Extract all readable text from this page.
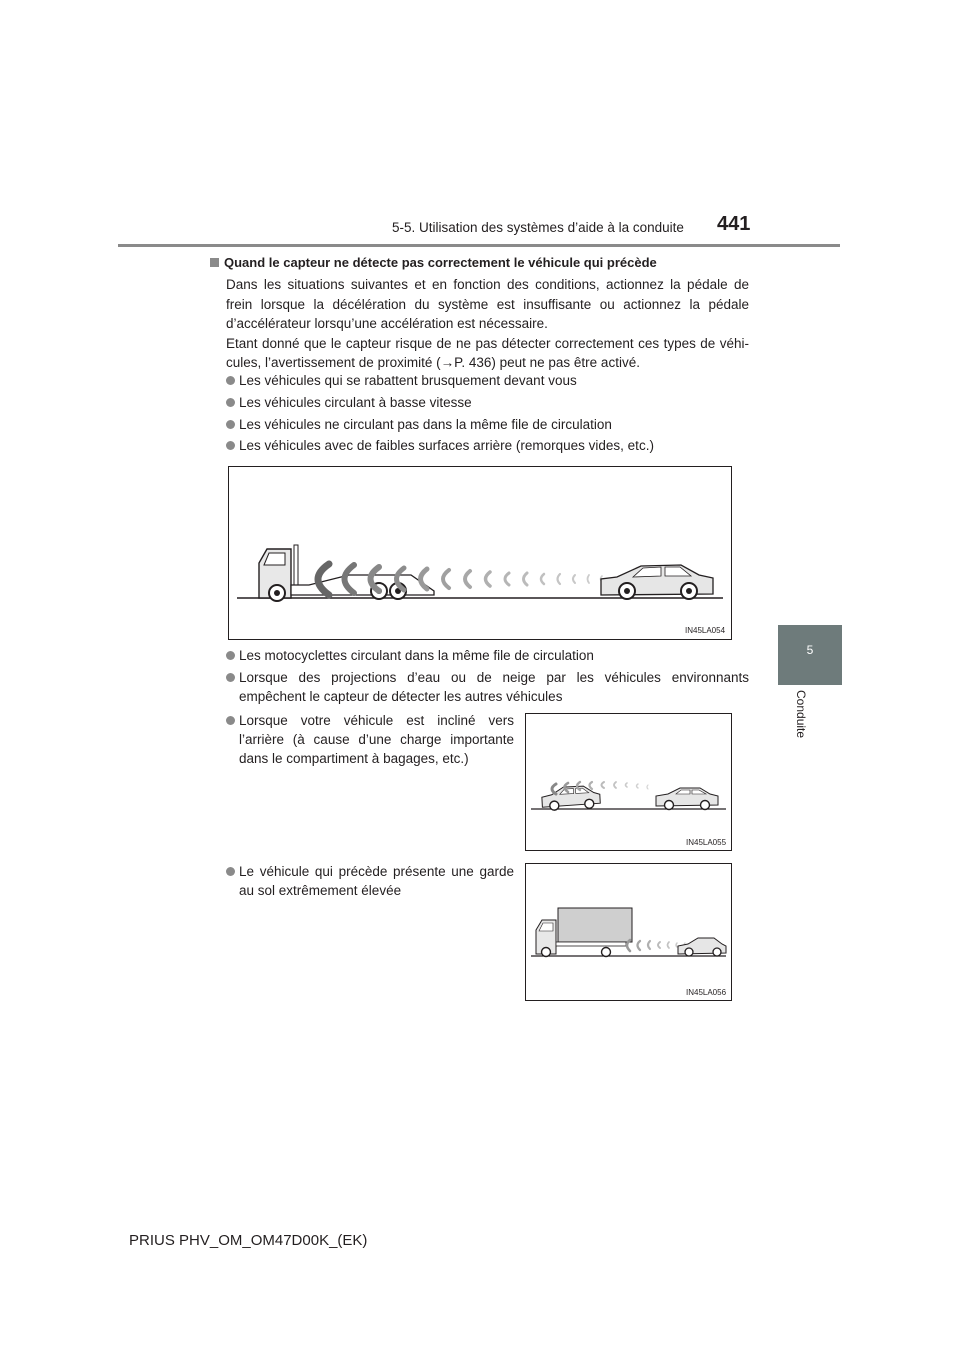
5-5. Utilisation des systèmes d’aide à la conduite 441
5
Conduite
Quand le capteur ne détecte pas correctement le véhicule qui précède
Dans les situations suivantes et en fonction des conditions, actionnez la pédale de
frein lorsque la décélération du système est insuffisante ou actionnez la pédale
d’accélérateur lorsqu’une accélération est nécessaire.
Etant donné que le capteur risque de ne pas détecter correctement ces types de véhi-
cules, l’avertissement de proximité (→P. 436) peut ne pas être activé.
Les véhicules qui se rabattent brusquement devant vous
Les véhicules circulant à basse vitesse
Les véhicules ne circulant pas dans la même file de circulation
Les véhicules avec de faibles surfaces arrière (remorques vides, etc.)
IN45LA054
Les motocyclettes circulant dans la même file de circulation
Lorsque des projections d’eau ou de neige par les véhicules environnants
empêchent le capteur de détecter les autres véhicules
Lorsque votre véhicule est incliné vers
l’arrière (à cause d’une charge importante
dans le compartiment à bagages, etc.)
IN45LA055
Le véhicule qui précède présente une garde
au sol extrêmement élevée
IN45LA056
PRIUS PHV_OM_OM47D00K_(EK)
